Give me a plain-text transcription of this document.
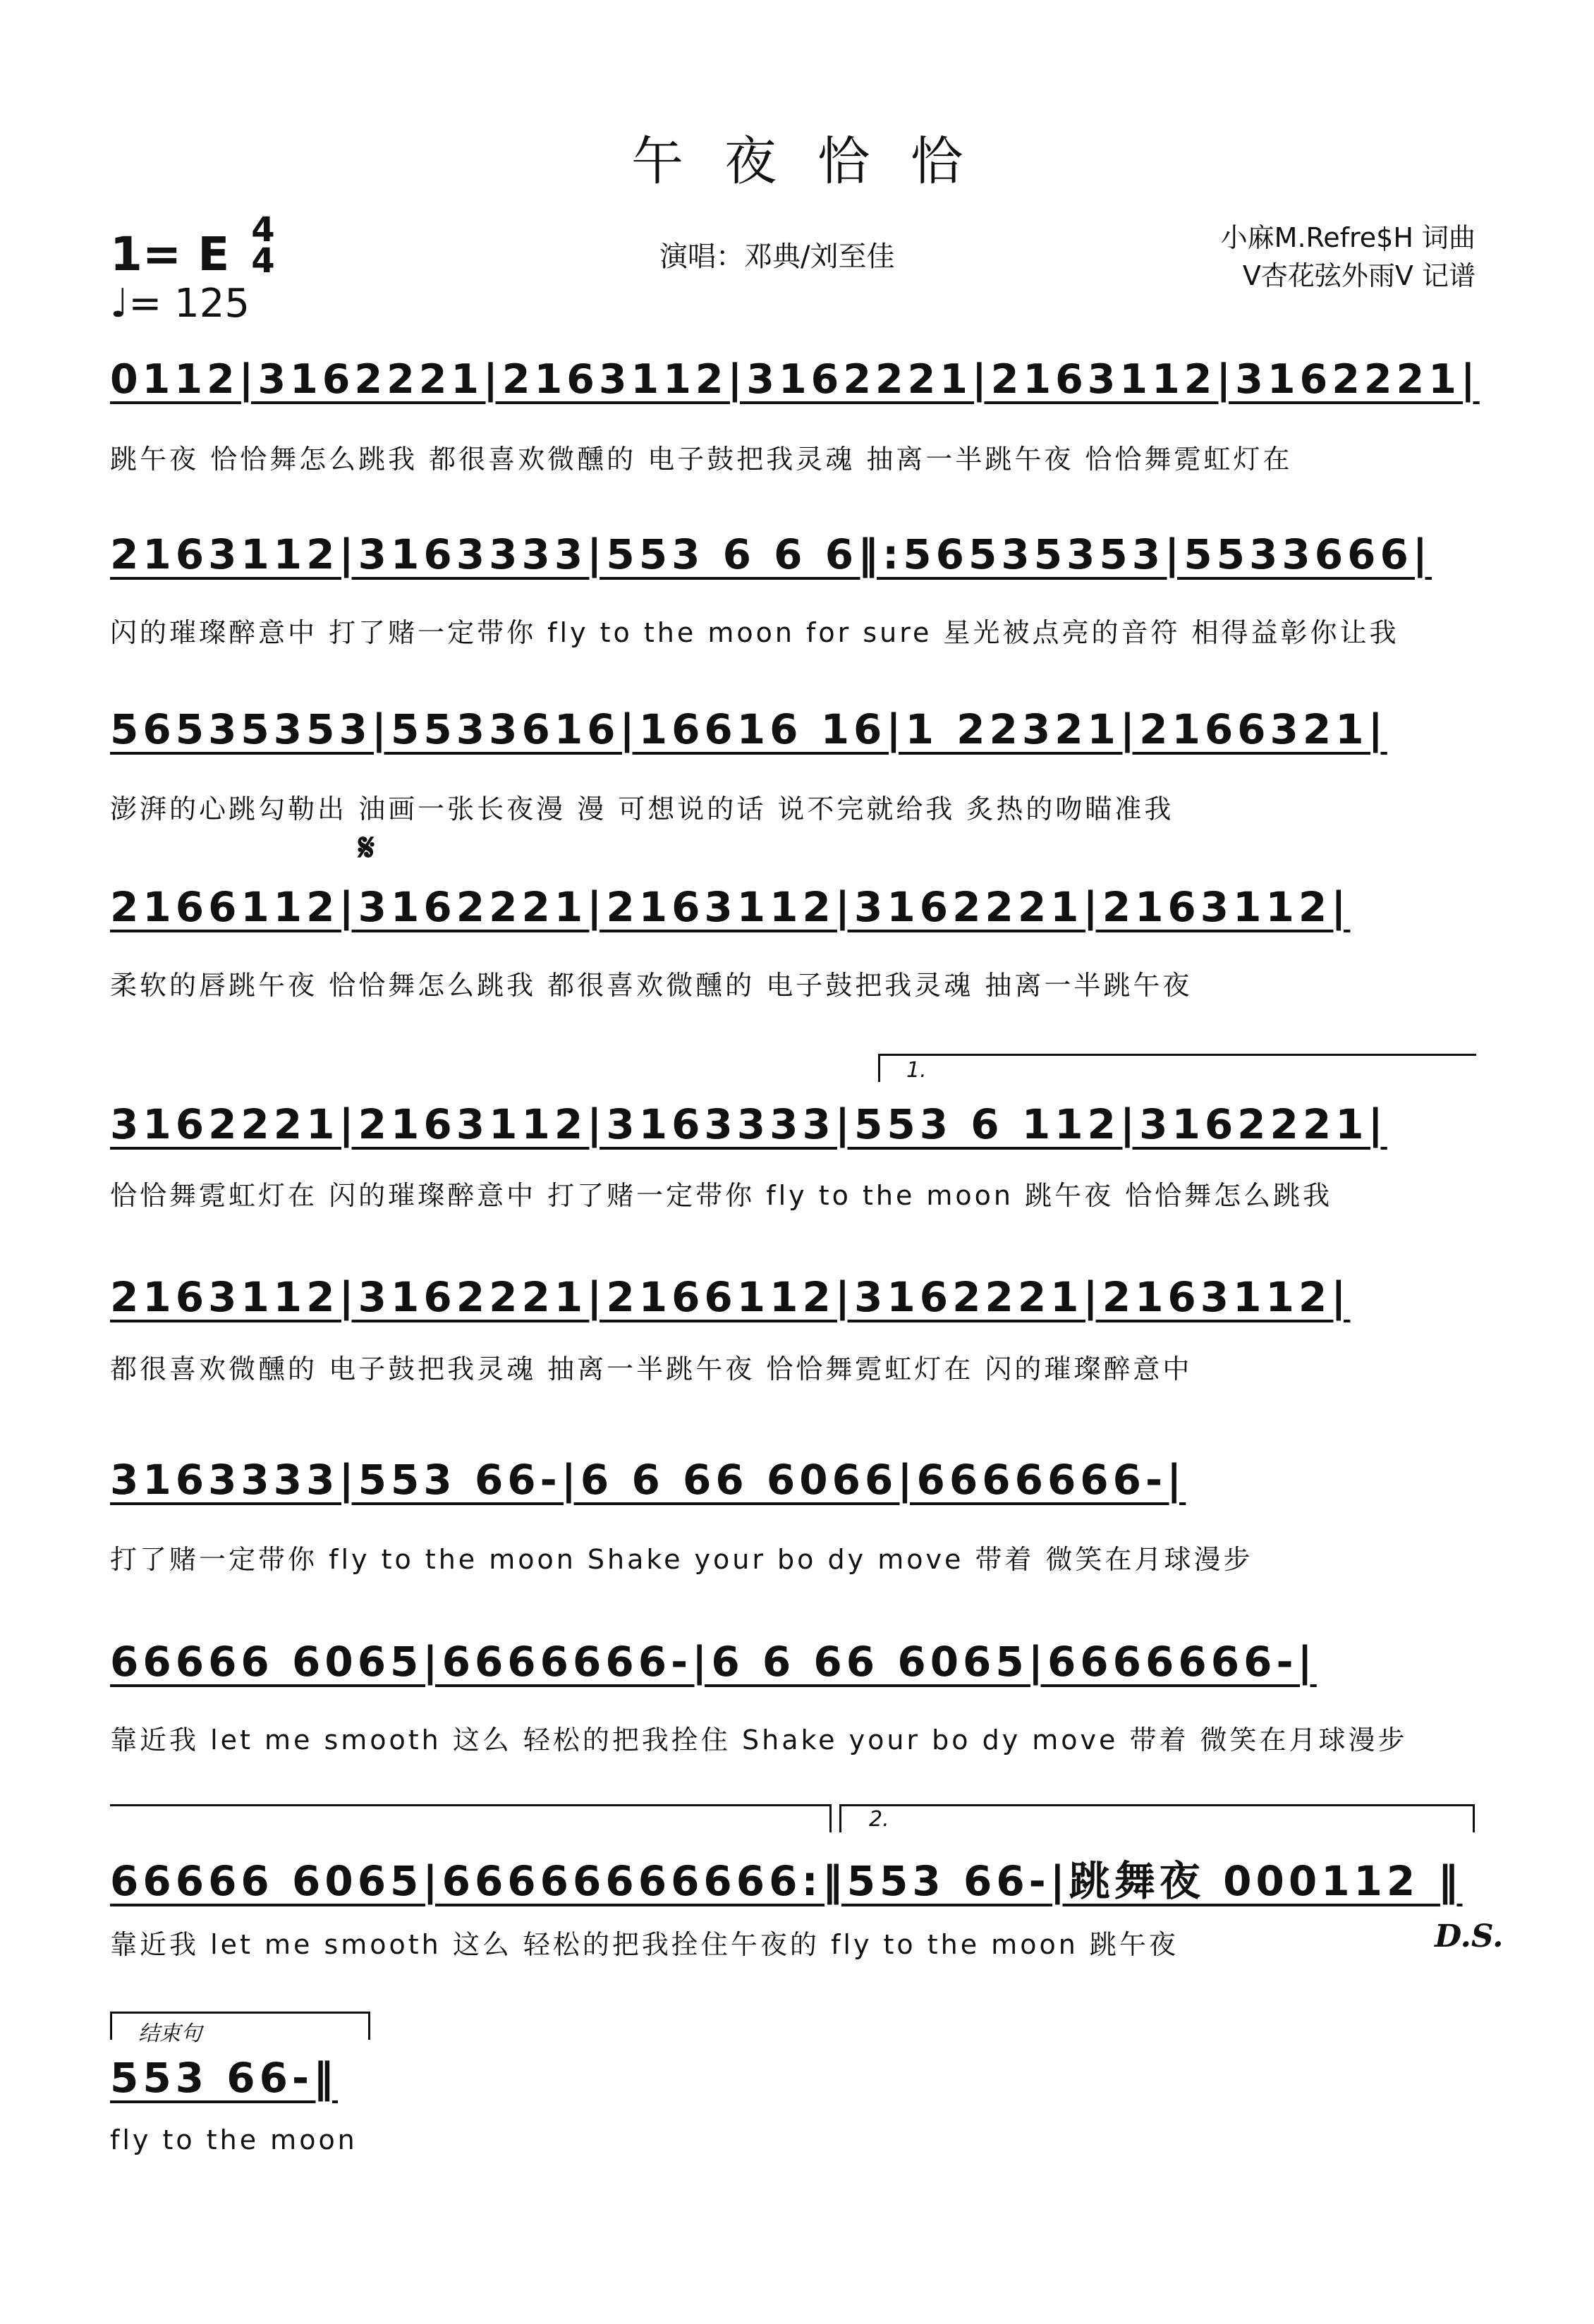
午夜恰恰
1= E 4
4
♩= 125
演唱：邓典/刘至佳
小麻M.Refre$H 词曲
V杏花弦外雨V 记谱
0112|3162221|2163112|3162221|2163112|3162221|
跳午夜 恰恰舞怎么跳我 都很喜欢微醺的 电子鼓把我灵魂 抽离一半跳午夜 恰恰舞霓虹灯在
2163112|3163333|553 6 6 6‖:56535353|5533666|
闪的璀璨醉意中 打了赌一定带你 fly to the moon for sure 星光被点亮的音符 相得益彰你让我
56535353|5533616|16616 16|1 22321|2166321|
澎湃的心跳勾勒出 油画一张长夜漫 漫 可想说的话 说不完就给我 炙热的吻瞄准我
𝄋
2166112|3162221|2163112|3162221|2163112|
柔软的唇跳午夜 恰恰舞怎么跳我 都很喜欢微醺的 电子鼓把我灵魂 抽离一半跳午夜
1.
3162221|2163112|3163333|553 6 112|3162221|
恰恰舞霓虹灯在 闪的璀璨醉意中 打了赌一定带你 fly to the moon 跳午夜 恰恰舞怎么跳我
2163112|3162221|2166112|3162221|2163112|
都很喜欢微醺的 电子鼓把我灵魂 抽离一半跳午夜 恰恰舞霓虹灯在 闪的璀璨醉意中
3163333|553 66-|6 6 66 6066|6666666-|
打了赌一定带你 fly to the moon Shake your bo dy move 带着 微笑在月球漫步
66666 6065|6666666-|6 6 66 6065|6666666-|
靠近我 let me smooth 这么 轻松的把我拴住 Shake your bo dy move 带着 微笑在月球漫步
2.
66666 6065|66666666666:‖553 66-|跳舞夜 000112 ‖
靠近我 let me smooth 这么 轻松的把我拴住午夜的 fly to the moon 跳午夜	D.S.
结束句
553 66-‖
fly to the moon
